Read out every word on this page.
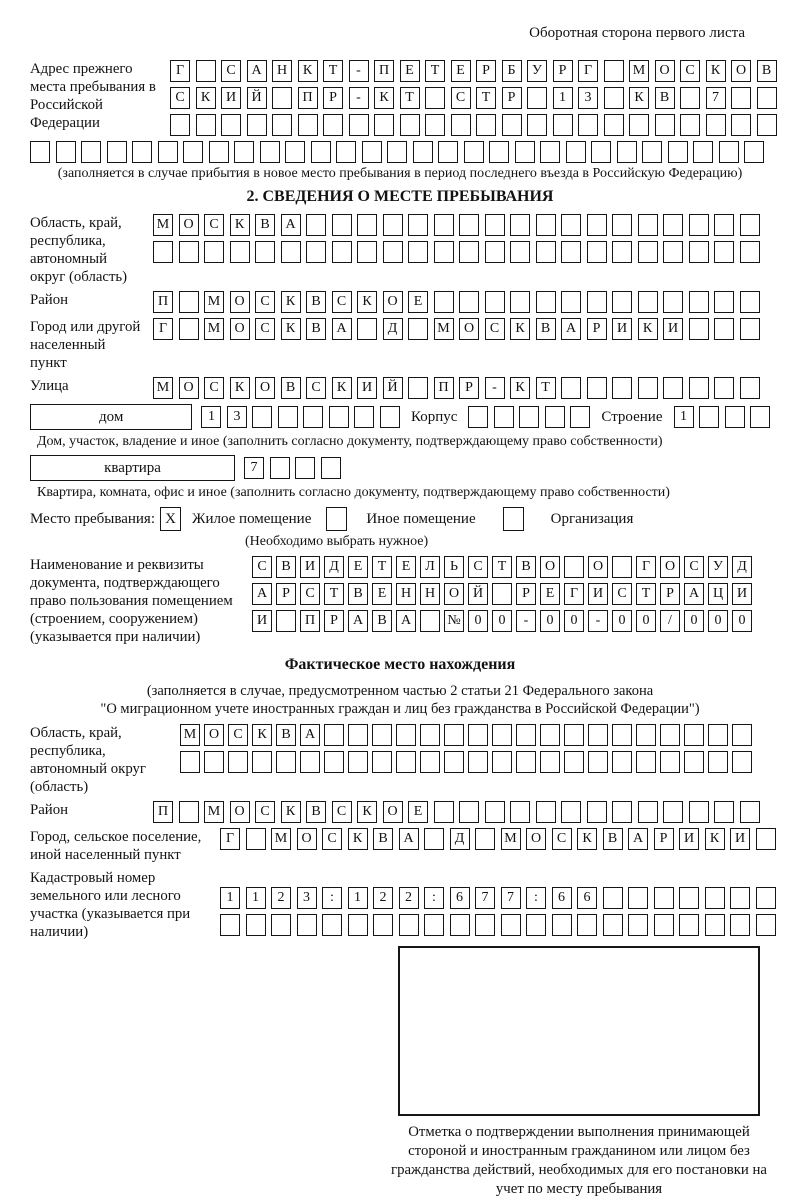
Оборотная сторона первого листа
Адрес прежнего места пребывания в Российской Федерации
Г	С	А	Н	К	Т	-	П	Е	Т	Е	Р	Б	У	Р	Г	М	О	С	К	О	В
С	К	И	Й	П	Р	-	К	Т	С	Т	Р	1	3	К	В	7
(заполняется в случае прибытия в новое место пребывания в период последнего въезда в Российскую Федерацию)
2. СВЕДЕНИЯ О МЕСТЕ ПРЕБЫВАНИЯ
Область, край, республика, автономный округ (область)
М	О	С	К	В	А
Район	П	М	О	С	К	В	С	К	О	Е
Город или другой населенный пункт
Г	М	О	С	К	В	А	Д	М	О	С	К	В	А	Р	И	К	И
Улица	М	О	С	К	О	В	С	К	И	Й	П	Р	-	К	Т
дом	1	3	Корпус	Строение	1
Дом, участок, владение и иное (заполнить согласно документу, подтверждающему право собственности)
квартира	7
Квартира, комната, офис и иное (заполнить согласно документу, подтверждающему право собственности)
Место пребывания: X	Жилое помещение	Иное помещение	Организация
(Необходимо выбрать нужное)
Наименование и реквизиты документа, подтверждающего право пользования помещением (строением, сооружением) (указывается при наличии)
С	В	И	Д	Е	Т	Е	Л	Ь	С	Т	В	О	О	Г	О	С	У	Д
А	Р	С	Т	В	Е	Н Н О Й	Р	Е	Г	И	С	Т	Р	А Ц И
И	П	Р	А	В	А	№ 0	0	-	0	0	-	0	0	/	0	0	0
Фактическое место нахождения
(заполняется в случае, предусмотренном частью 2 статьи 21 Федерального закона
"О миграционном учете иностранных граждан и лиц без гражданства в Российской Федерации")
Область, край, республика, автономный округ (область)
М О	С	К	В	А
Район	П	М	О	С	К	В	С	К	О	Е
Город, сельское поселение, иной населенный пункт
Г	М	О	С	К	В	А	Д	М	О	С	К	В	А	Р	И	К	И
Кадастровый номер земельного или лесного участка (указывается при наличии)
1	1	2	3	:	1	2	2	:	6	7	7	:	6	6
Отметка о подтверждении выполнения принимающей стороной и иностранным гражданином или лицом без гражданства действий, необходимых для его постановки на учет по месту пребывания
